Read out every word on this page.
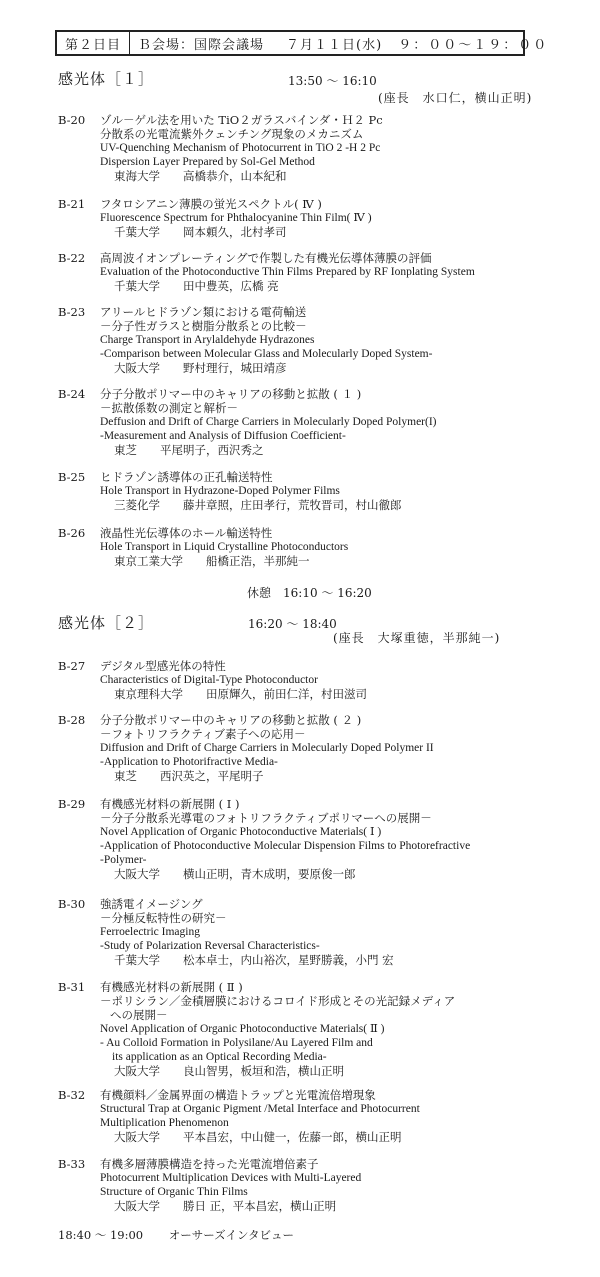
第２日目	Ｂ会場：国際会議場	７月１１日(水)	９：００～１９：００
感光体［１］	13:50 ～ 16:10
(座長　水口仁，横山正明)
B-20	ゾル－ゲル法を用いた TiO２ガラスバインダ・Ｈ２ Pc
分散系の光電流紫外クェンチング現象のメカニズム
UV-Quenching Mechanism of Photocurrent in TiO 2 -H 2 Pc
Dispersion Layer Prepared by Sol-Gel Method
東海大学　　高橋恭介，山本紀和
B-21	フタロシアニン薄膜の蛍光スペクトル( Ⅳ )
Fluorescence Spectrum for Phthalocyanine Thin Film( Ⅳ )
千葉大学　　岡本頼久，北村孝司
B-22	高周波イオンプレーティングで作製した有機光伝導体薄膜の評価
Evaluation of the Photoconductive Thin Films Prepared by RF Ionplating System
千葉大学　　田中豊英，広橋 亮
B-23	アリールヒドラゾン類における電荷輸送
－分子性ガラスと樹脂分散系との比較－
Charge Transport in Arylaldehyde Hydrazones
-Comparison between Molecular Glass and Molecularly Doped System-
大阪大学　　野村理行，城田靖彦
B-24	分子分散ポリマー中のキャリアの移動と拡散 ( １ )
－拡散係数の測定と解析－
Deffusion and Drift of Charge Carriers in Molecularly Doped Polymer(I)
-Measurement and Analysis of Diffusion Coefficient-
東芝　　平尾明子，西沢秀之
B-25	ヒドラゾン誘導体の正孔輸送特性
Hole Transport in Hydrazone-Doped Polymer Films
三菱化学　　藤井章照，庄田孝行，荒牧晋司，村山徹郎
B-26	液晶性光伝導体のホール輸送特性
Hole Transport in Liquid Crystalline Photoconductors
東京工業大学　　船橋正浩，半那純一
休憩　16:10 ～ 16:20
感光体［２］	16:20 ～ 18:40
(座長　大塚重徳，半那純一)
B-27	デジタル型感光体の特性
Characteristics of Digital-Type Photoconductor
東京理科大学　　田原輝久，前田仁洋，村田滋司
B-28	分子分散ポリマー中のキャリアの移動と拡散 ( ２ )
－フォトリフラクティブ素子への応用－
Diffusion and Drift of Charge Carriers in Molecularly Doped Polymer II
-Application to Photorifractive Media-
東芝　　西沢英之，平尾明子
B-29	有機感光材料の新展開 ( Ⅰ )
－分子分散系光導電のフォトリフラクティブポリマーへの展開－
Novel Application of Organic Photoconductive Materials( Ⅰ )
-Application of Photoconductive Molecular Dispension Films to Photorefractive
-Polymer-
大阪大学　　横山正明，青木成明，要原俊一郎
B-30	強誘電イメージング
－分極反転特性の研究－
Ferroelectric Imaging
-Study of Polarization Reversal Characteristics-
千葉大学　　松本卓士，内山裕次，星野勝義，小門 宏
B-31	有機感光材料の新展開 ( Ⅱ )
－ポリシラン／金積層膜におけるコロイド形成とその光記録メディア
への展開－
Novel Application of Organic Photoconductive Materials( Ⅱ )
- Au Colloid Formation in Polysilane/Au Layered Film and
its application as an Optical Recording Media-
大阪大学　　良山智男，板垣和浩，横山正明
B-32	有機顔料／金属界面の構造トラップと光電流倍増現象
Structural Trap at Organic Pigment /Metal Interface and Photocurrent
Multiplication Phenomenon
大阪大学　　平本昌宏，中山健一，佐藤一郎，横山正明
B-33	有機多層薄膜構造を持った光電流増倍素子
Photocurrent Multiplication Devices with Multi-Layered
Structure of Organic Thin Films
大阪大学　　勝日 正，平本昌宏，横山正明
18:40 ～ 19:00 オーサーズインタビュー
